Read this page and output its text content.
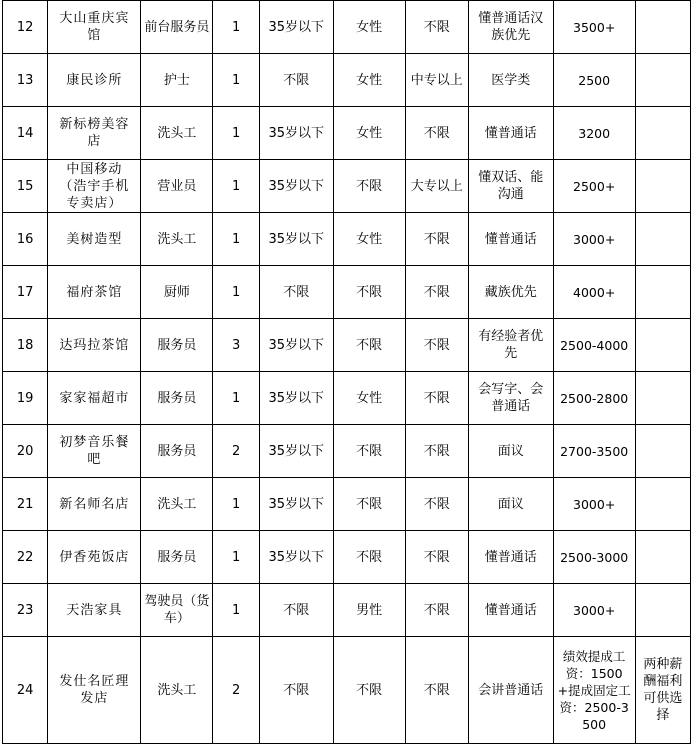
12	大山重庆宾馆	前台服务员	1	35岁以下	女性	不限	懂普通话汉族优先	3500+	
13	康民诊所	护士	1	不限	女性	中专以上	医学类	2500	
14	新标榜美容店	洗头工	1	35岁以下	女性	不限	懂普通话	3200	
15	中国移动（浩宇手机专卖店）	营业员	1	35岁以下	不限	大专以上	懂双话、能沟通	2500+	
16	美树造型	洗头工	1	35岁以下	女性	不限	懂普通话	3000+	
17	福府茶馆	厨师	1	不限	不限	不限	藏族优先	4000+	
18	达玛拉茶馆	服务员	3	35岁以下	不限	不限	有经验者优先	2500-4000	
19	家家福超市	服务员	1	35岁以下	女性	不限	会写字、会普通话	2500-2800	
20	初梦音乐餐吧	服务员	2	35岁以下	不限	不限	面议	2700-3500	
21	新名师名店	洗头工	1	35岁以下	不限	不限	面议	3000+	
22	伊香苑饭店	服务员	1	35岁以下	不限	不限	懂普通话	2500-3000	
23	天浩家具	驾驶员（货车）	1	不限	男性	不限	懂普通话	3000+	
24	发仕名匠理发店	洗头工	2	不限	不限	不限	会讲普通话	绩效提成工资：1500+提成固定工资：2500-3500	两种薪酬福利可供选择
